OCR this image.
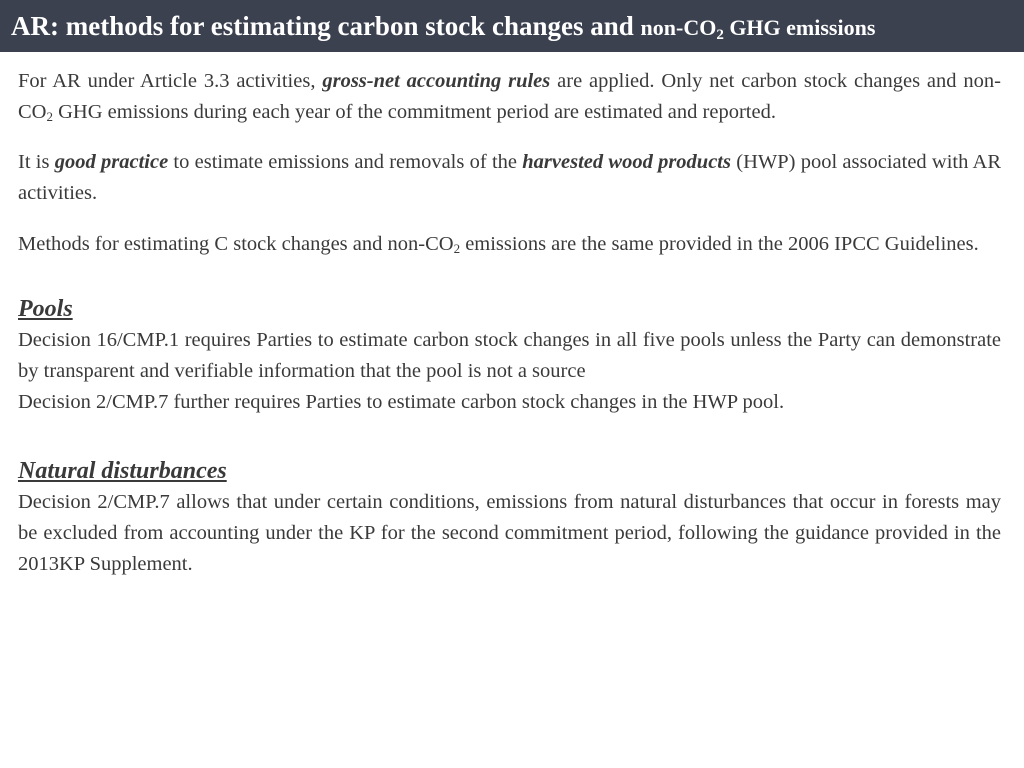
AR: methods for estimating carbon stock changes and non-$CO_2$ GHG emissions

For AR under Article 3.3 activities, gross-net accounting rules are applied. Only net carbon stock changes and non-$CO_2$ GHG emissions during each year of the commitment period are estimated and reported.

It is good practice to estimate emissions and removals of the harvested wood products (HWP) pool associated with AR activities.

Methods for estimating C stock changes and non-$CO_2$ emissions are the same provided in the 2006 IPCC Guidelines.

Pools

Decision 16/CMP.1 requires Parties to estimate carbon stock changes in all five pools unless the Party can demonstrate by transparent and verifiable information that the pool is not a source

Decision 2/CMP.7 further requires Parties to estimate carbon stock changes in the HWP pool.

Natural disturbances

Decision 2/CMP.7 allows that under certain conditions, emissions from natural disturbances that occur in forests may be excluded from accounting under the KP for the second commitment period, following the guidance provided in the 2013KP Supplement.
